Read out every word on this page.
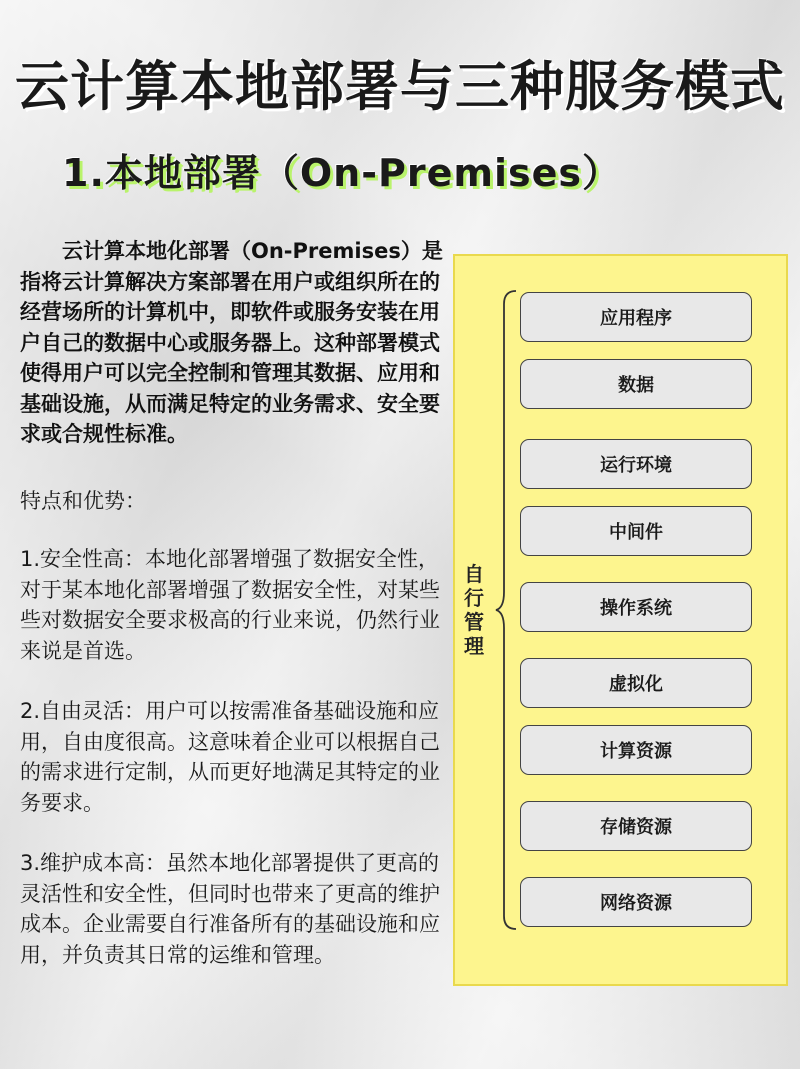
云计算本地部署与三种服务模式
1.本地部署（On-Premises）

云计算本地化部署（On-Premises）是指将云计算解决方案部署在用户或组织所在的经营场所的计算机中，即软件或服务安装在用户自己的数据中心或服务器上。这种部署模式使得用户可以完全控制和管理其数据、应用和基础设施，从而满足特定的业务需求、安全要求或合规性标准。

特点和优势：

1.安全性高：本地化部署增强了数据安全性，对于某本地化部署增强了数据安全性，对某些些对数据安全要求极高的行业来说，仍然行业来说是首选。

2.自由灵活：用户可以按需准备基础设施和应用，自由度很高。这意味着企业可以根据自己的需求进行定制，从而更好地满足其特定的业务要求。

3.维护成本高：虽然本地化部署提供了更高的灵活性和安全性，但同时也带来了更高的维护成本。企业需要自行准备所有的基础设施和应用，并负责其日常的运维和管理。

自
行
管
理
应用程序
数据
运行环境
中间件
操作系统
虚拟化
计算资源
存储资源
网络资源
